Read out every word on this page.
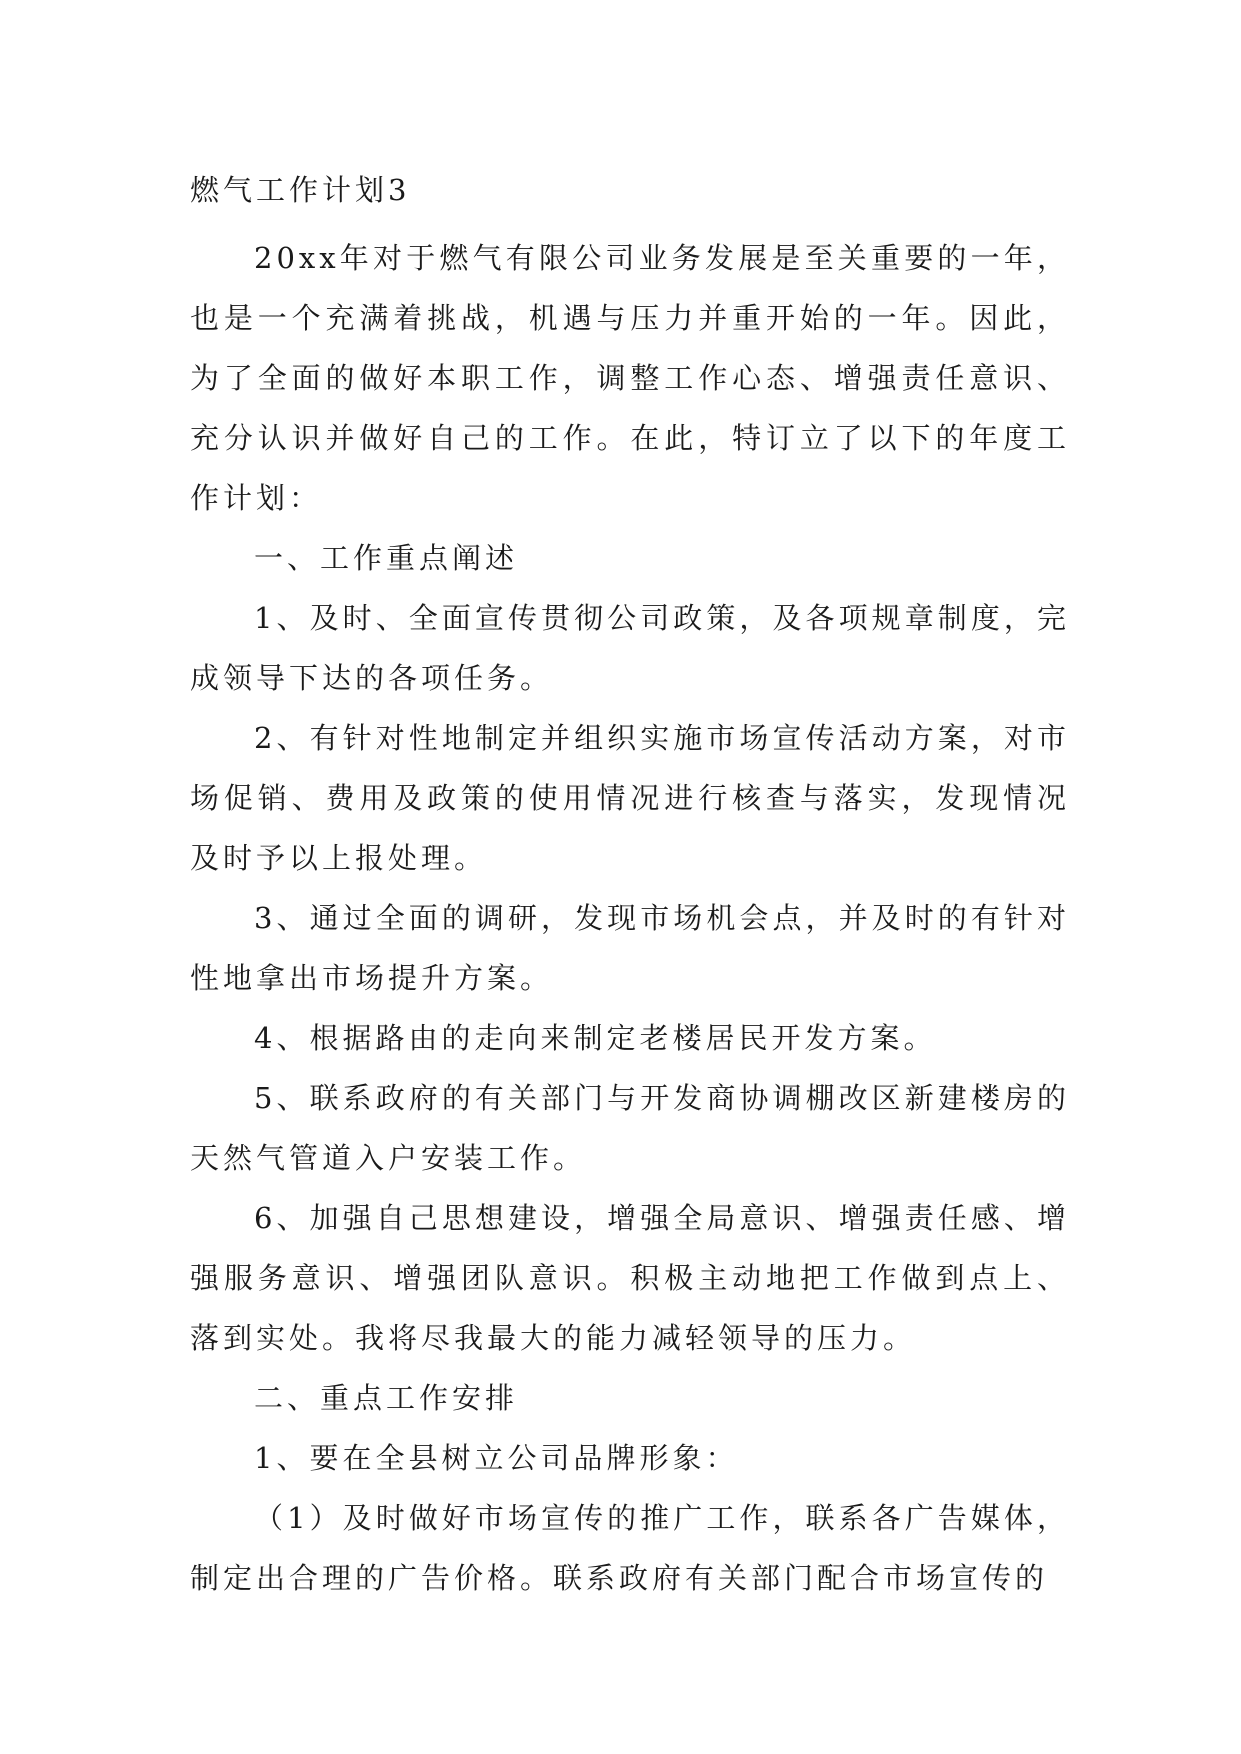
燃气工作计划3

20xx年对于燃气有限公司业务发展是至关重要的一年，也是一个充满着挑战，机遇与压力并重开始的一年。因此，为了全面的做好本职工作，调整工作心态、增强责任意识、充分认识并做好自己的工作。在此，特订立了以下的年度工作计划：

一、工作重点阐述

1、及时、全面宣传贯彻公司政策，及各项规章制度，完成领导下达的各项任务。

2、有针对性地制定并组织实施市场宣传活动方案，对市场促销、费用及政策的使用情况进行核查与落实，发现情况及时予以上报处理。

3、通过全面的调研，发现市场机会点，并及时的有针对性地拿出市场提升方案。

4、根据路由的走向来制定老楼居民开发方案。

5、联系政府的有关部门与开发商协调棚改区新建楼房的天然气管道入户安装工作。

6、加强自己思想建设，增强全局意识、增强责任感、增强服务意识、增强团队意识。积极主动地把工作做到点上、落到实处。我将尽我最大的能力减轻领导的压力。

二、重点工作安排

1、要在全县树立公司品牌形象：

（1）及时做好市场宣传的推广工作，联系各广告媒体，制定出合理的广告价格。联系政府有关部门配合市场宣传的
